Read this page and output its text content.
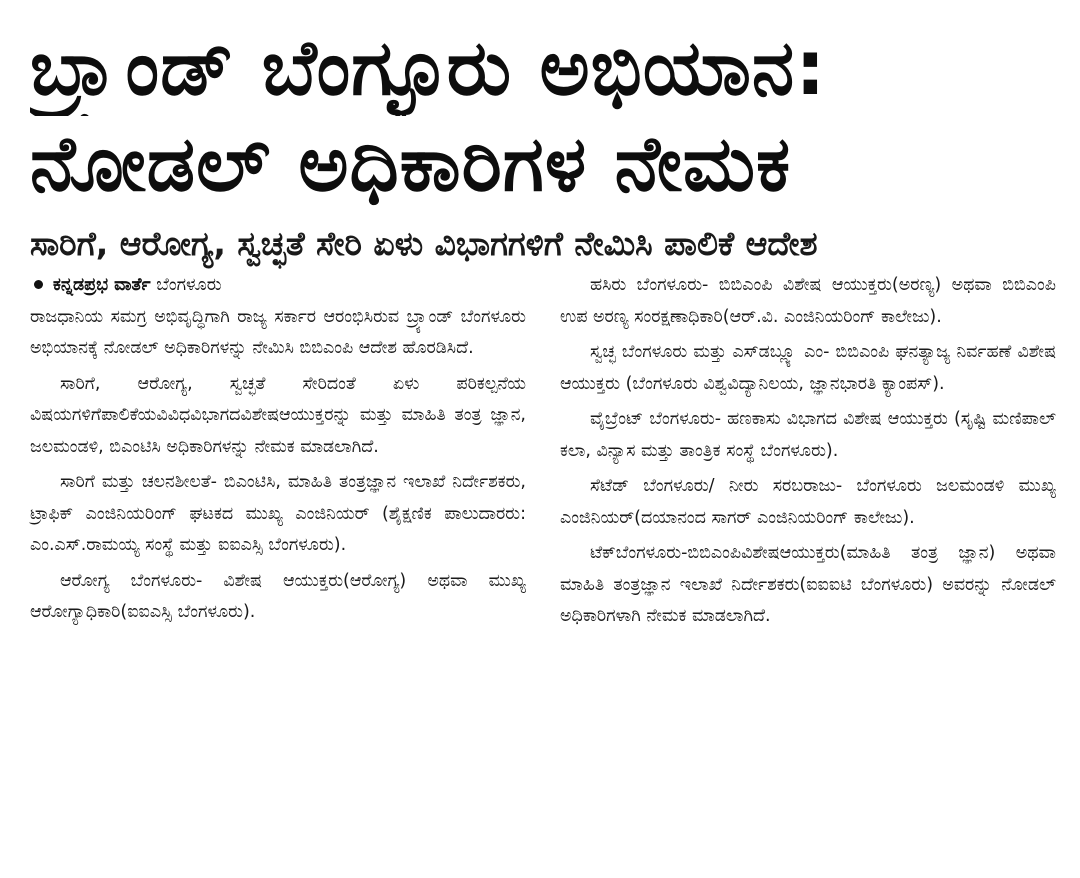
ಬ್ರ್ಯಾಂಡ್ ಬೆಂಗ್ಳೂರು ಅಭಿಯಾನ:
ನೋಡಲ್ ಅಧಿಕಾರಿಗಳ ನೇಮಕ
ಸಾರಿಗೆ, ಆರೋಗ್ಯ, ಸ್ವಚ್ಛತೆ ಸೇರಿ ಏಳು ವಿಭಾಗಗಳಿಗೆ ನೇಮಿಸಿ ಪಾಲಿಕೆ ಆದೇಶ
ಕನ್ನಡಪ್ರಭ ವಾರ್ತೆ ಬೆಂಗಳೂರು

ರಾಜಧಾನಿಯ ಸಮಗ್ರ ಅಭಿವೃದ್ಧಿಗಾಗಿ ರಾಜ್ಯ ಸರ್ಕಾರ ಆರಂಭಿಸಿರುವ ಬ್ರ್ಯಾಂಡ್ ಬೆಂಗಳೂರು ಅಭಿಯಾನಕ್ಕೆ ನೋಡಲ್ ಅಧಿಕಾರಿಗಳನ್ನು ನೇಮಿಸಿ ಬಿಬಿಎಂಪಿ ಆದೇಶ ಹೊರಡಿಸಿದೆ.

ಸಾರಿಗೆ, ಆರೋಗ್ಯ, ಸ್ವಚ್ಛತೆ ಸೇರಿದಂತೆ ಏಳು ಪರಿಕಲ್ಪನೆಯ ವಿಷಯಗಳಿಗೆಪಾಲಿಕೆಯವಿವಿಧವಿಭಾಗದವಿಶೇಷಆಯುಕ್ತರನ್ನು ಮತ್ತು ಮಾಹಿತಿ ತಂತ್ರ ಜ್ಞಾನ, ಜಲಮಂಡಳಿ, ಬಿಎಂಟಿಸಿ ಅಧಿಕಾರಿಗಳನ್ನು ನೇಮಕ ಮಾಡಲಾಗಿದೆ.

ಸಾರಿಗೆ ಮತ್ತು ಚಲನಶೀಲತೆ- ಬಿಎಂಟಿಸಿ, ಮಾಹಿತಿ ತಂತ್ರಜ್ಞಾನ ಇಲಾಖೆ ನಿರ್ದೇಶಕರು, ಟ್ರಾಫಿಕ್ ಎಂಜಿನಿಯರಿಂಗ್ ಘಟಕದ ಮುಖ್ಯ ಎಂಜಿನಿಯರ್ (ಶೈಕ್ಷಣಿಕ ಪಾಲುದಾರರು: ಎಂ.ಎಸ್.ರಾಮಯ್ಯ ಸಂಸ್ಥೆ ಮತ್ತು ಐಐಎಸ್ಸಿ ಬೆಂಗಳೂರು).

ಆರೋಗ್ಯ ಬೆಂಗಳೂರು- ವಿಶೇಷ ಆಯುಕ್ತರು(ಆರೋಗ್ಯ) ಅಥವಾ ಮುಖ್ಯ ಆರೋಗ್ಯಾಧಿಕಾರಿ(ಐಐಎಸ್ಸಿ ಬೆಂಗಳೂರು).

ಹಸಿರು ಬೆಂಗಳೂರು- ಬಿಬಿಎಂಪಿ ವಿಶೇಷ ಆಯುಕ್ತರು(ಅರಣ್ಯ) ಅಥವಾ ಬಿಬಿಎಂಪಿ ಉಪ ಅರಣ್ಯ ಸಂರಕ್ಷಣಾಧಿಕಾರಿ(ಆರ್.ವಿ. ಎಂಜಿನಿಯರಿಂಗ್ ಕಾಲೇಜು).

ಸ್ವಚ್ಛ ಬೆಂಗಳೂರು ಮತ್ತು ಎಸ್‌ಡಬ್ಲ್ಯೂ ಎಂ- ಬಿಬಿಎಂಪಿ ಘನತ್ಯಾಜ್ಯ ನಿರ್ವಹಣೆ ವಿಶೇಷ ಆಯುಕ್ತರು (ಬೆಂಗಳೂರು ವಿಶ್ವವಿದ್ಯಾನಿಲಯ, ಜ್ಞಾನಭಾರತಿ ಕ್ಯಾಂಪಸ್).

ವೈಬ್ರೆಂಟ್ ಬೆಂಗಳೂರು- ಹಣಕಾಸು ವಿಭಾಗದ ವಿಶೇಷ ಆಯುಕ್ತರು (ಸೃಷ್ಟಿ ಮಣಿಪಾಲ್ ಕಲಾ, ವಿನ್ಯಾಸ ಮತ್ತು ತಾಂತ್ರಿಕ ಸಂಸ್ಥೆ ಬೆಂಗಳೂರು).

ಸೆಟೆಡ್ ಬೆಂಗಳೂರು/ ನೀರು ಸರಬರಾಜು- ಬೆಂಗಳೂರು ಜಲಮಂಡಳಿ ಮುಖ್ಯ ಎಂಜಿನಿಯರ್(ದಯಾನಂದ ಸಾಗರ್ ಎಂಜಿನಿಯರಿಂಗ್ ಕಾಲೇಜು).

ಟೆಕ್‌ಬೆಂಗಳೂರು-ಬಿಬಿಎಂಪಿವಿಶೇಷಆಯುಕ್ತರು(ಮಾಹಿತಿ ತಂತ್ರ ಜ್ಞಾನ) ಅಥವಾ ಮಾಹಿತಿ ತಂತ್ರಜ್ಞಾನ ಇಲಾಖೆ ನಿರ್ದೇಶಕರು(ಐಐಐಟಿ ಬೆಂಗಳೂರು) ಅವರನ್ನು ನೋಡಲ್ ಅಧಿಕಾರಿಗಳಾಗಿ ನೇಮಕ ಮಾಡಲಾಗಿದೆ.
